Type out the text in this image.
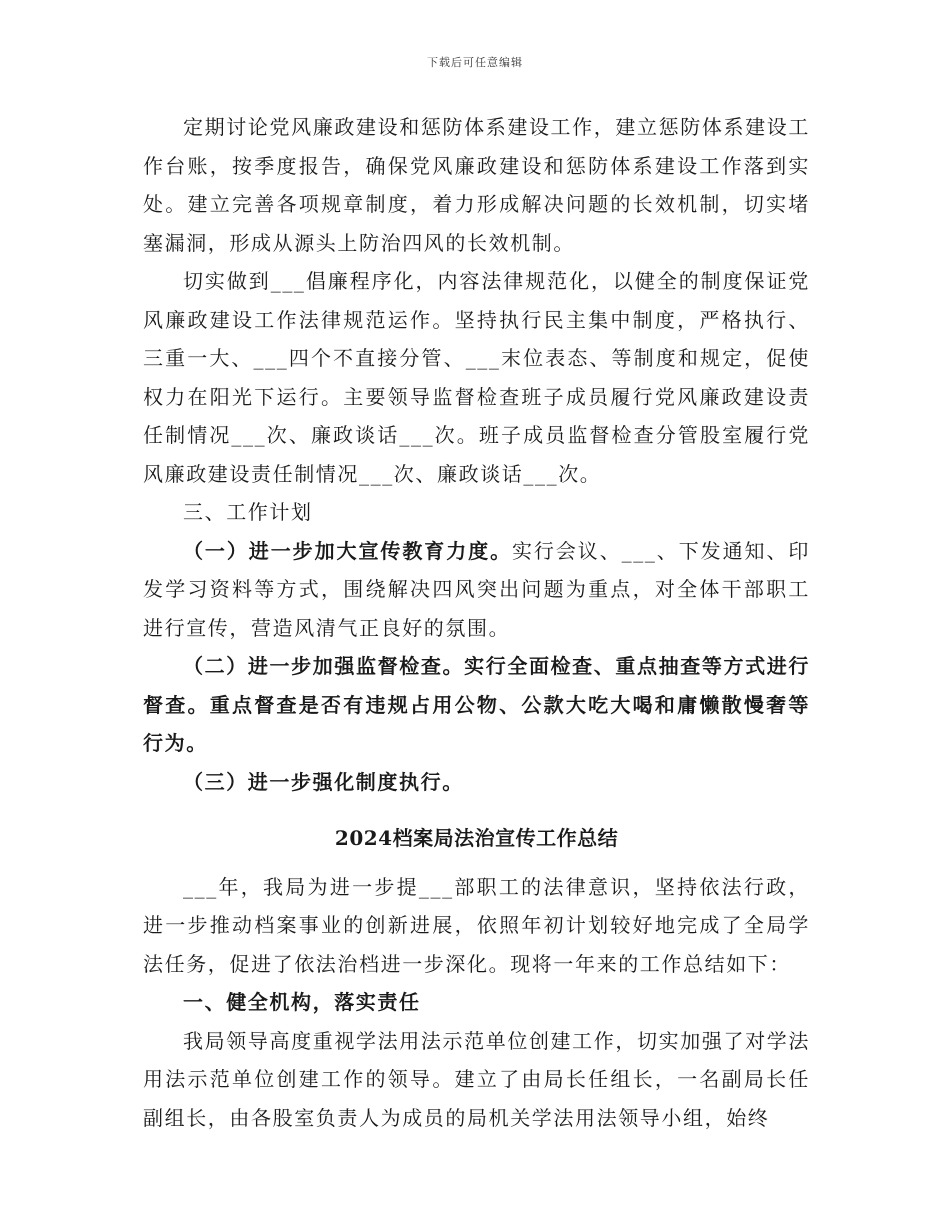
下载后可任意编辑

定期讨论党风廉政建设和惩防体系建设工作，建立惩防体系建设工作台账，按季度报告，确保党风廉政建设和惩防体系建设工作落到实处。建立完善各项规章制度，着力形成解决问题的长效机制，切实堵塞漏洞，形成从源头上防治四风的长效机制。

切实做到___倡廉程序化，内容法律规范化，以健全的制度保证党风廉政建设工作法律规范运作。坚持执行民主集中制度，严格执行、三重一大、___四个不直接分管、___末位表态、等制度和规定，促使权力在阳光下运行。主要领导监督检查班子成员履行党风廉政建设责任制情况___次、廉政谈话___次。班子成员监督检查分管股室履行党风廉政建设责任制情况___次、廉政谈话___次。

三、工作计划

（一）进一步加大宣传教育力度。实行会议、___、下发通知、印发学习资料等方式，围绕解决四风突出问题为重点，对全体干部职工进行宣传，营造风清气正良好的氛围。

（二）进一步加强监督检查。实行全面检查、重点抽查等方式进行督查。重点督查是否有违规占用公物、公款大吃大喝和庸懒散慢奢等行为。

（三）进一步强化制度执行。

2024档案局法治宣传工作总结

___年，我局为进一步提___部职工的法律意识，坚持依法行政，进一步推动档案事业的创新进展，依照年初计划较好地完成了全局学法任务，促进了依法治档进一步深化。现将一年来的工作总结如下：

一、健全机构，落实责任

我局领导高度重视学法用法示范单位创建工作，切实加强了对学法用法示范单位创建工作的领导。建立了由局长任组长，一名副局长任副组长，由各股室负责人为成员的局机关学法用法领导小组，始终
